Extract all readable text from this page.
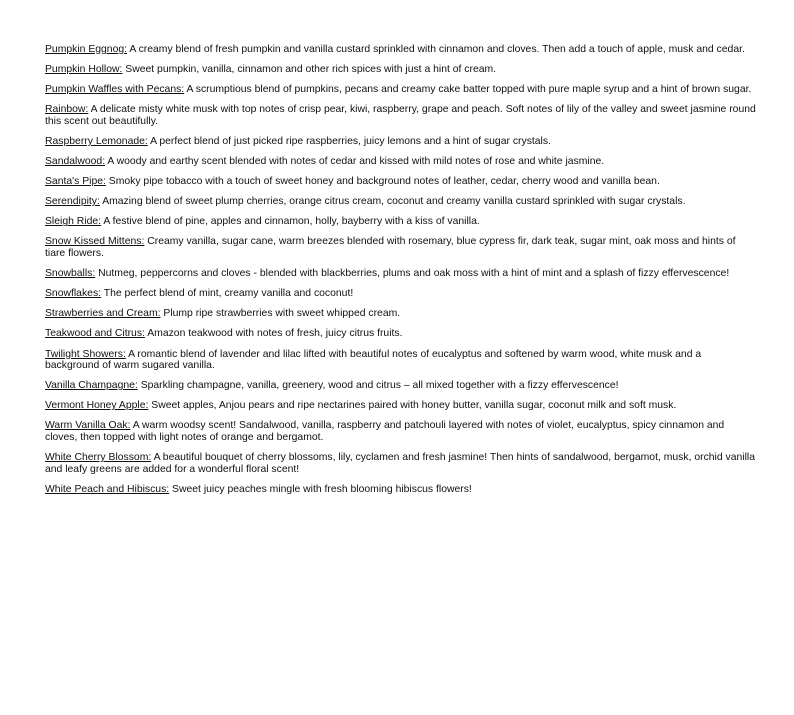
Pumpkin Eggnog: A creamy blend of fresh pumpkin and vanilla custard sprinkled with cinnamon and cloves. Then add a touch of apple, musk and cedar.

Pumpkin Hollow: Sweet pumpkin, vanilla, cinnamon and other rich spices with just a hint of cream.

Pumpkin Waffles with Pecans: A scrumptious blend of pumpkins, pecans and creamy cake batter topped with pure maple syrup and a hint of brown sugar.

Rainbow: A delicate misty white musk with top notes of crisp pear, kiwi, raspberry, grape and peach. Soft notes of lily of the valley and sweet jasmine round this scent out beautifully.

Raspberry Lemonade: A perfect blend of just picked ripe raspberries, juicy lemons and a hint of sugar crystals.

Sandalwood: A woody and earthy scent blended with notes of cedar and kissed with mild notes of rose and white jasmine.

Santa's Pipe: Smoky pipe tobacco with a touch of sweet honey and background notes of leather, cedar, cherry wood and vanilla bean.

Serendipity: Amazing blend of sweet plump cherries, orange citrus cream, coconut and creamy vanilla custard sprinkled with sugar crystals.

Sleigh Ride: A festive blend of pine, apples and cinnamon, holly, bayberry with a kiss of vanilla.

Snow Kissed Mittens: Creamy vanilla, sugar cane, warm breezes blended with rosemary, blue cypress fir, dark teak, sugar mint, oak moss and hints of tiare flowers.

Snowballs: Nutmeg, peppercorns and cloves - blended with blackberries, plums and oak moss with a hint of mint and a splash of fizzy effervescence!

Snowflakes: The perfect blend of mint, creamy vanilla and coconut!

Strawberries and Cream: Plump ripe strawberries with sweet whipped cream.

Teakwood and Citrus: Amazon teakwood with notes of fresh, juicy citrus fruits.

Twilight Showers: A romantic blend of lavender and lilac lifted with beautiful notes of eucalyptus and softened by warm wood, white musk and a background of warm sugared vanilla.

Vanilla Champagne: Sparkling champagne, vanilla, greenery, wood and citrus – all mixed together with a fizzy effervescence!

Vermont Honey Apple: Sweet apples, Anjou pears and ripe nectarines paired with honey butter, vanilla sugar, coconut milk and soft musk.

Warm Vanilla Oak: A warm woodsy scent! Sandalwood, vanilla, raspberry and patchouli layered with notes of violet, eucalyptus, spicy cinnamon and cloves, then topped with light notes of orange and bergamot.

White Cherry Blossom: A beautiful bouquet of cherry blossoms, lily, cyclamen and fresh jasmine! Then hints of sandalwood, bergamot, musk, orchid vanilla and leafy greens are added for a wonderful floral scent!

White Peach and Hibiscus: Sweet juicy peaches mingle with fresh blooming hibiscus flowers!
